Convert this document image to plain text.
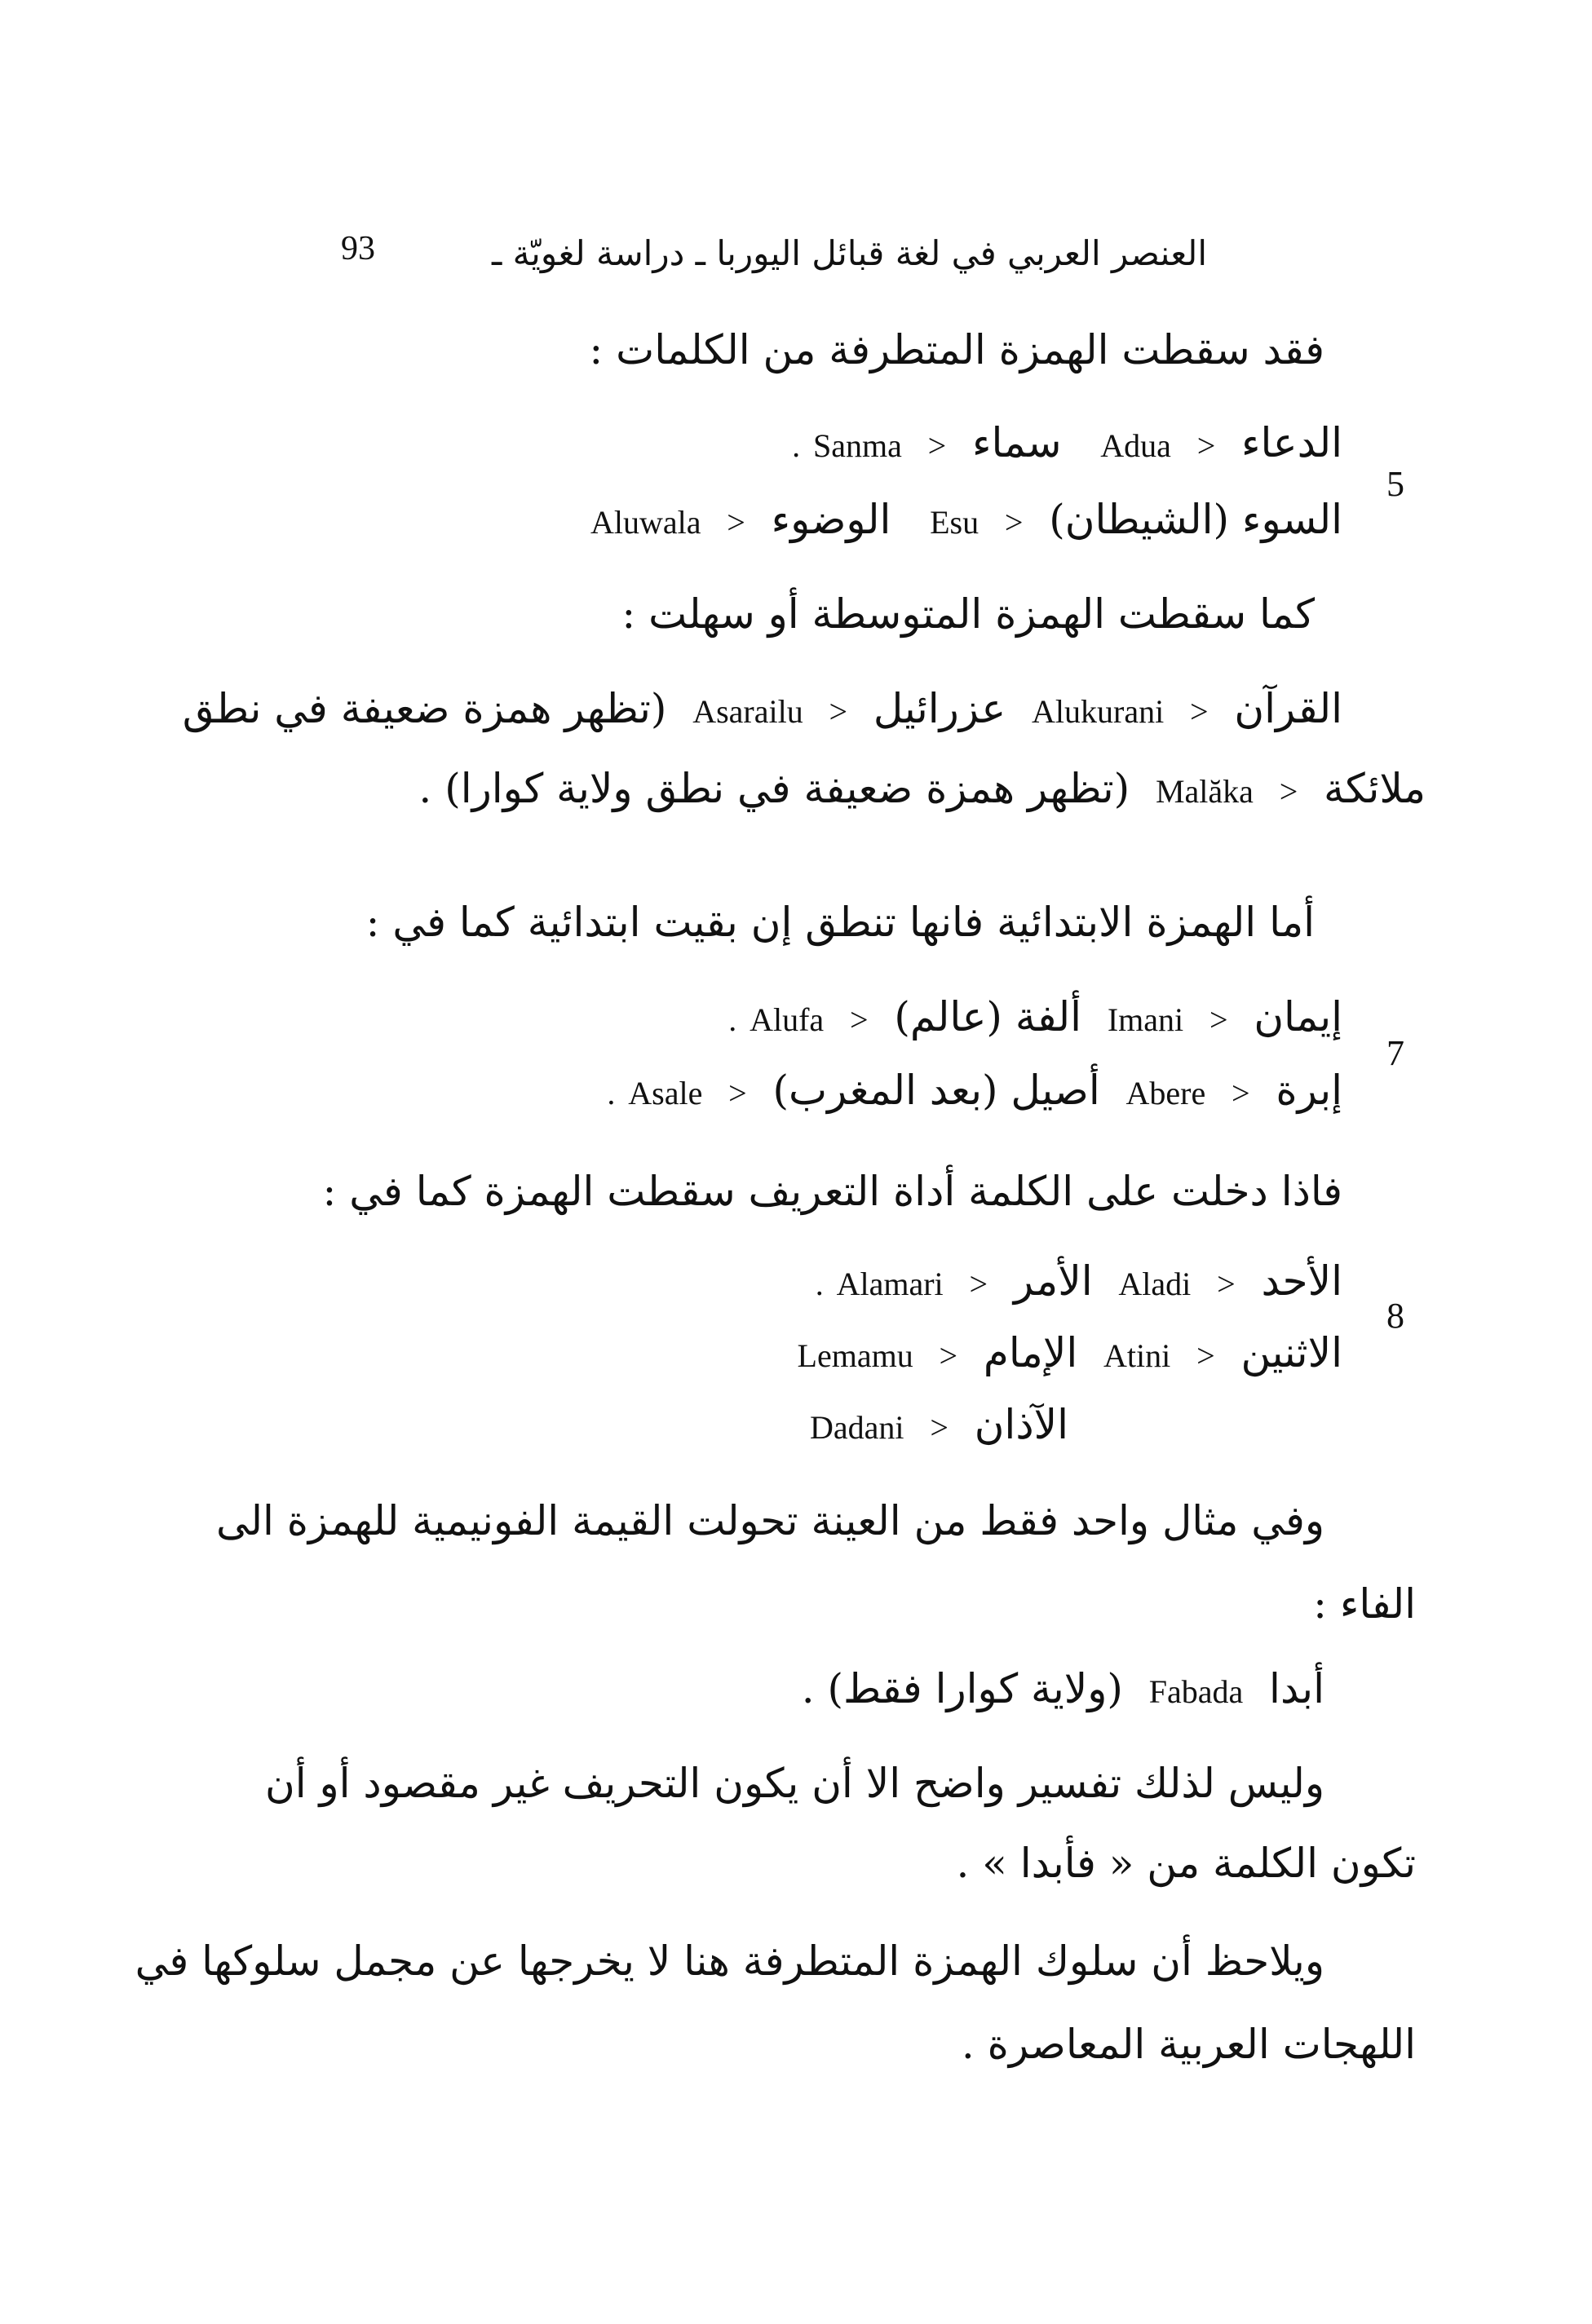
93	العنصر العربي في لغة قبائل اليوربا ـ دراسة لغويّة ـ
فقد سقطت الهمزة المتطرفة من الكلمات :
الدعاء  <  Adua   سماء  <  Sanma .
5
السوء (الشيطان)  <  Esu   الوضوء  <  Aluwala
كما سقطت الهمزة المتوسطة أو سهلت :
القرآن  <  Alukurani  عزرائيل  <  Asarailu  (تظهر همزة ضعيفة في نطق
ملائكة  <  Malăka  (تظهر همزة ضعيفة في نطق ولاية كوارا) .
أما الهمزة الابتدائية فانها تنطق إن بقيت ابتدائية كما في :
إيمان  <  Imani  ألفة (عالم)  <  Alufa .
7
إبرة  <  Abere  أصيل (بعد المغرب)  <  Asale .
فاذا دخلت على الكلمة أداة التعريف سقطت الهمزة كما في :
الأحد  <  Aladi  الأمر  <  Alamari .
8
الاثنين  <  Atini  الإمام  <  Lemamu
الآذان  <  Dadani
وفي مثال واحد فقط من العينة تحولت القيمة الفونيمية للهمزة الى
الفاء :
أبدا  Fabada  (ولاية كوارا فقط) .
وليس لذلك تفسير واضح الا أن يكون التحريف غير مقصود أو أن
تكون الكلمة من « فأبدا » .
ويلاحظ أن سلوك الهمزة المتطرفة هنا لا يخرجها عن مجمل سلوكها في
اللهجات العربية المعاصرة .
